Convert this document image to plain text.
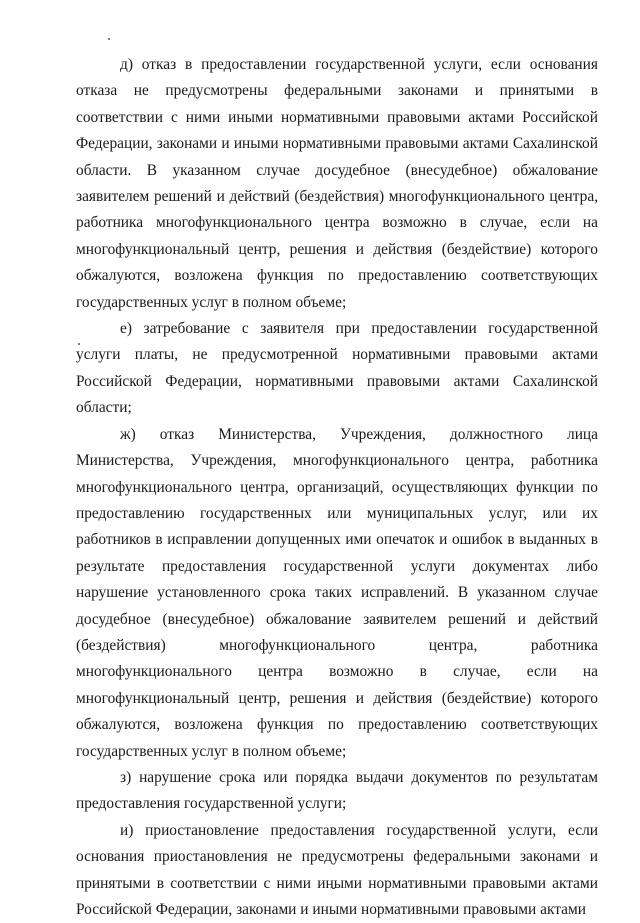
д) отказ в предоставлении государственной услуги, если основания отказа не предусмотрены федеральными законами и принятыми в соответствии с ними иными нормативными правовыми актами Российской Федерации, законами и иными нормативными правовыми актами Сахалинской области. В указанном случае досудебное (внесудебное) обжалование заявителем решений и действий (бездействия) многофункционального центра, работника многофункционального центра возможно в случае, если на многофункциональный центр, решения и действия (бездействие) которого обжалуются, возложена функция по предоставлению соответствующих государственных услуг в полном объеме;

е) затребование с заявителя при предоставлении государственной услуги платы, не предусмотренной нормативными правовыми актами Российской Федерации, нормативными правовыми актами Сахалинской области;

ж) отказ Министерства, Учреждения, должностного лица Министерства, Учреждения, многофункционального центра, работника многофункционального центра, организаций, осуществляющих функции по предоставлению государственных или муниципальных услуг, или их работников в исправлении допущенных ими опечаток и ошибок в выданных в результате предоставления государственной услуги документах либо нарушение установленного срока таких исправлений. В указанном случае досудебное (внесудебное) обжалование заявителем решений и действий (бездействия) многофункционального центра, работника многофункционального центра возможно в случае, если на многофункциональный центр, решения и действия (бездействие) которого обжалуются, возложена функция по предоставлению соответствующих государственных услуг в полном объеме;

з) нарушение срока или порядка выдачи документов по результатам предоставления государственной услуги;

и) приостановление предоставления государственной услуги, если основания приостановления не предусмотрены федеральными законами и принятыми в соответствии с ними иными нормативными правовыми актами Российской Федерации, законами и иными нормативными правовыми актами
